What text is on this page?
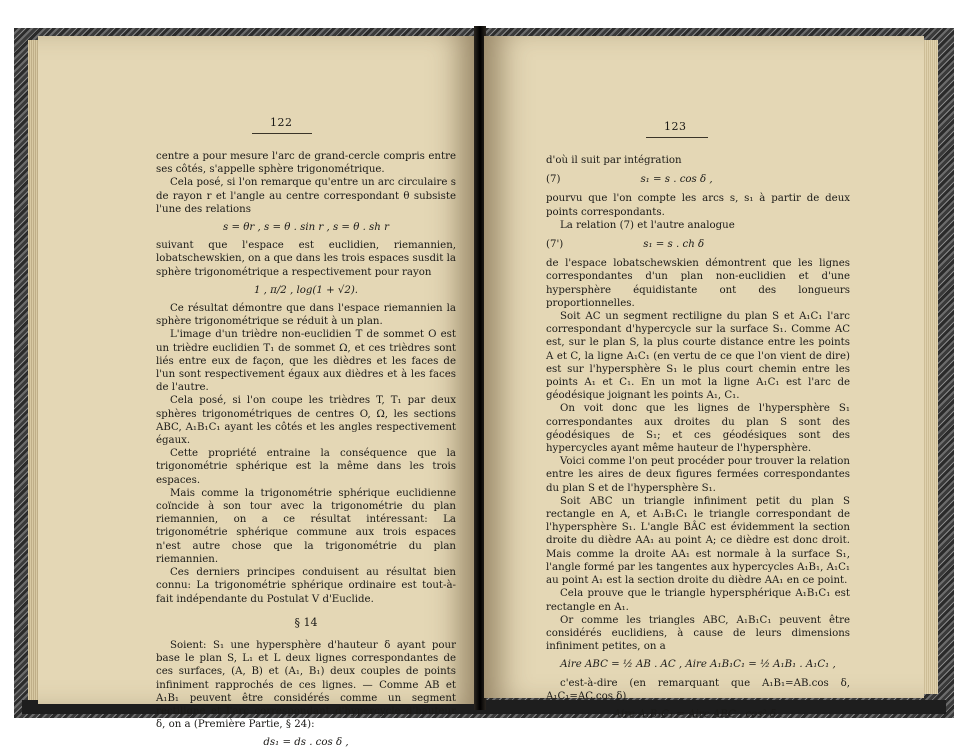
122

centre a pour mesure l'arc de grand-cercle compris entre ses côtés, s'appelle sphère trigonométrique.

Cela posé, si l'on remarque qu'entre un arc circulaire s de rayon r et l'angle au centre correspondant θ subsiste l'une des relations

s = θr , s = θ . sin r , s = θ . sh r

suivant que l'espace est euclidien, riemannien, lobatschewskien, on a que dans les trois espaces susdit la sphère trigonométrique a respectivement pour rayon

1 , π/2 , log(1 + √2).

Ce résultat démontre que dans l'espace riemannien la sphère trigonométrique se réduit à un plan.

L'image d'un trièdre non-euclidien T de sommet O est un trièdre euclidien T₁ de sommet Ω, et ces trièdres sont liés entre eux de façon, que les dièdres et les faces de l'un sont respectivement égaux aux dièdres et à les faces de l'autre.

Cela posé, si l'on coupe les trièdres T, T₁ par deux sphères trigonométriques de centres O, Ω, les sections ABC, A₁B₁C₁ ayant les côtés et les angles respectivement égaux.

Cette propriété entraine la conséquence que la trigonométrie sphérique est la même dans les trois espaces.

Mais comme la trigonométrie sphérique euclidienne coïncide à son tour avec la trigonométrie du plan riemannien, on a ce résultat intéressant: La trigonométrie sphérique commune aux trois espaces n'est autre chose que la trigonométrie du plan riemannien.

Ces derniers principes conduisent au résultat bien connu: La trigonométrie sphérique ordinaire est tout-à-fait indépendante du Postulat V d'Euclide.

§ 14

Soient: S₁ une hypersphère d'hauteur δ ayant pour base le plan S, L₁ et L deux lignes correspondantes de ces surfaces, (A, B) et (A₁, B₁) deux couples de points infiniment rapprochés de ces lignes. — Comme AB et A₁B₁ peuvent être considérés comme un segment rectiligne et l'arc correspondant d'hypercycle d'hauteur δ, on a (Première Partie, § 24):

ds₁ = ds . cos δ ,

123

d'où il suit par intégration

(7)	s₁ = s . cos δ ,

pourvu que l'on compte les arcs s, s₁ à partir de deux points correspondants.

La relation (7) et l'autre analogue

(7')	s₁ = s . ch δ

de l'espace lobatschewskien démontrent que les lignes correspondantes d'un plan non-euclidien et d'une hypersphère équidistante ont des longueurs proportionnelles.

Soit AC un segment rectiligne du plan S et A₁C₁ l'arc correspondant d'hypercycle sur la surface S₁. Comme AC est, sur le plan S, la plus courte distance entre les points A et C, la ligne A₁C₁ (en vertu de ce que l'on vient de dire) est sur l'hypersphère S₁ le plus court chemin entre les points A₁ et C₁. En un mot la ligne A₁C₁ est l'arc de géodésique joignant les points A₁, C₁.

On voit donc que les lignes de l'hypersphère S₁ correspondantes aux droites du plan S sont des géodésiques de S₁; et ces géodésiques sont des hypercycles ayant même hauteur de l'hypersphère.

Voici comme l'on peut procéder pour trouver la relation entre les aires de deux figures fermées correspondantes du plan S et de l'hypersphère S₁.

Soit ABC un triangle infiniment petit du plan S rectangle en A, et A₁B₁C₁ le triangle correspondant de l'hypersphère S₁. L'angle BÂC est évidemment la section droite du dièdre AA₁ au point A; ce dièdre est donc droit. Mais comme la droite AA₁ est normale à la surface S₁, l'angle formé par les tangentes aux hypercycles A₁B₁, A₁C₁ au point A₁ est la section droite du dièdre AA₁ en ce point.

Cela prouve que le triangle hypersphérique A₁B₁C₁ est rectangle en A₁.

Or comme les triangles ABC, A₁B₁C₁ peuvent être considérés euclidiens, à cause de leurs dimensions infiniment petites, on a

Aire ABC = ½ AB . AC , Aire A₁B₁C₁ = ½ A₁B₁ . A₁C₁ ,

c'est-à-dire (en remarquant que A₁B₁=AB.cos δ, A₁C₁=AC.cos δ)

Aire A₁B₁C₁ = Aire ABC . cos² δ .
